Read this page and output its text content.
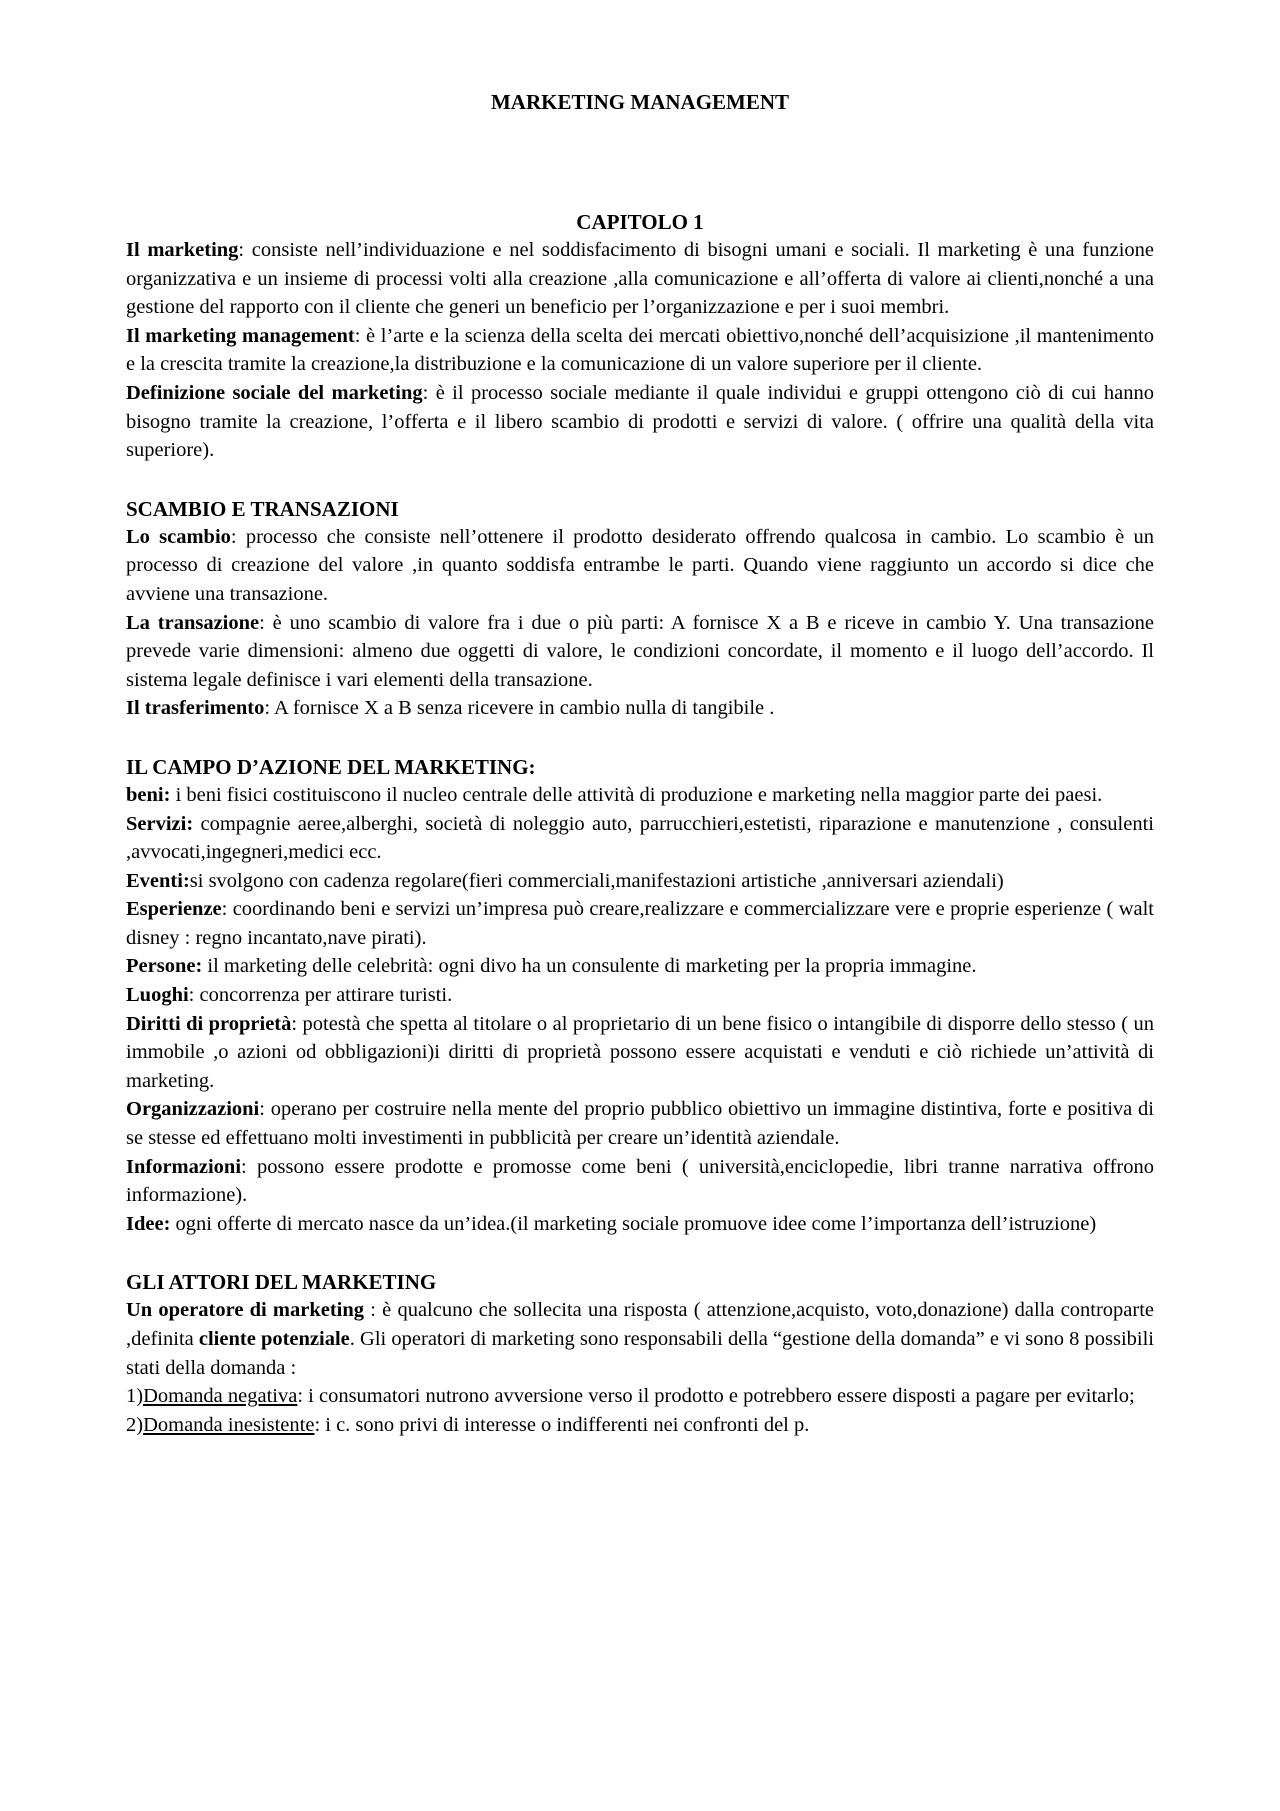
MARKETING MANAGEMENT
CAPITOLO 1

Il marketing: consiste nell’individuazione e nel soddisfacimento di bisogni umani e sociali. Il marketing è una funzione organizzativa e un insieme di processi volti alla creazione ,alla comunicazione e all’offerta di valore ai clienti,nonché a una gestione del rapporto con il cliente che generi un beneficio per l’organizzazione e per i suoi membri.

Il marketing management: è l’arte e la scienza della scelta dei mercati obiettivo,nonché dell’acquisizione ,il mantenimento e la crescita tramite la creazione,la distribuzione e la comunicazione di un valore superiore per il cliente.

Definizione sociale del marketing: è il processo sociale mediante il quale individui e gruppi ottengono ciò di cui hanno bisogno tramite la creazione, l’offerta e il libero scambio di prodotti e servizi di valore. ( offrire una qualità della vita superiore).

SCAMBIO E TRANSAZIONI

Lo scambio: processo che consiste nell’ottenere il prodotto desiderato offrendo qualcosa in cambio. Lo scambio è un processo di creazione del valore ,in quanto soddisfa entrambe le parti. Quando viene raggiunto un accordo si dice che avviene una transazione.

La transazione: è uno scambio di valore fra i due o più parti: A fornisce X a B e riceve in cambio Y. Una transazione prevede varie dimensioni: almeno due oggetti di valore, le condizioni concordate, il momento e il luogo dell’accordo. Il sistema legale definisce i vari elementi della transazione.

Il trasferimento: A fornisce X a B senza ricevere in cambio nulla di tangibile .

IL CAMPO D’AZIONE DEL MARKETING:

beni: i beni fisici costituiscono il nucleo centrale delle attività di produzione e marketing nella maggior parte dei paesi.

Servizi: compagnie aeree,alberghi, società di noleggio auto, parrucchieri,estetisti, riparazione e manutenzione , consulenti ,avvocati,ingegneri,medici ecc.

Eventi:si svolgono con cadenza regolare(fieri commerciali,manifestazioni artistiche ,anniversari aziendali)

Esperienze: coordinando beni e servizi un’impresa può creare,realizzare e commercializzare vere e proprie esperienze ( walt disney : regno incantato,nave pirati).

Persone: il marketing delle celebrità: ogni divo ha un consulente di marketing per la propria immagine.

Luoghi: concorrenza per attirare turisti.

Diritti di proprietà: potestà che spetta al titolare o al proprietario di un bene fisico o intangibile di disporre dello stesso ( un immobile ,o azioni od obbligazioni)i diritti di proprietà possono essere acquistati e venduti e ciò richiede un’attività di marketing.

Organizzazioni: operano per costruire nella mente del proprio pubblico obiettivo un immagine distintiva, forte e positiva di se stesse ed effettuano molti investimenti in pubblicità per creare un’identità aziendale.

Informazioni: possono essere prodotte e promosse come beni ( università,enciclopedie, libri tranne narrativa offrono informazione).

Idee: ogni offerte di mercato nasce da un’idea.(il marketing sociale promuove idee come l’importanza dell’istruzione)

GLI ATTORI DEL MARKETING

Un operatore di marketing : è qualcuno che sollecita una risposta ( attenzione,acquisto, voto,donazione) dalla controparte ,definita cliente potenziale. Gli operatori di marketing sono responsabili della “gestione della domanda” e vi sono 8 possibili stati della domanda :

1)Domanda negativa: i consumatori nutrono avversione verso il prodotto e potrebbero essere disposti a pagare per evitarlo;

2)Domanda inesistente: i c. sono privi di interesse o indifferenti nei confronti del p.
